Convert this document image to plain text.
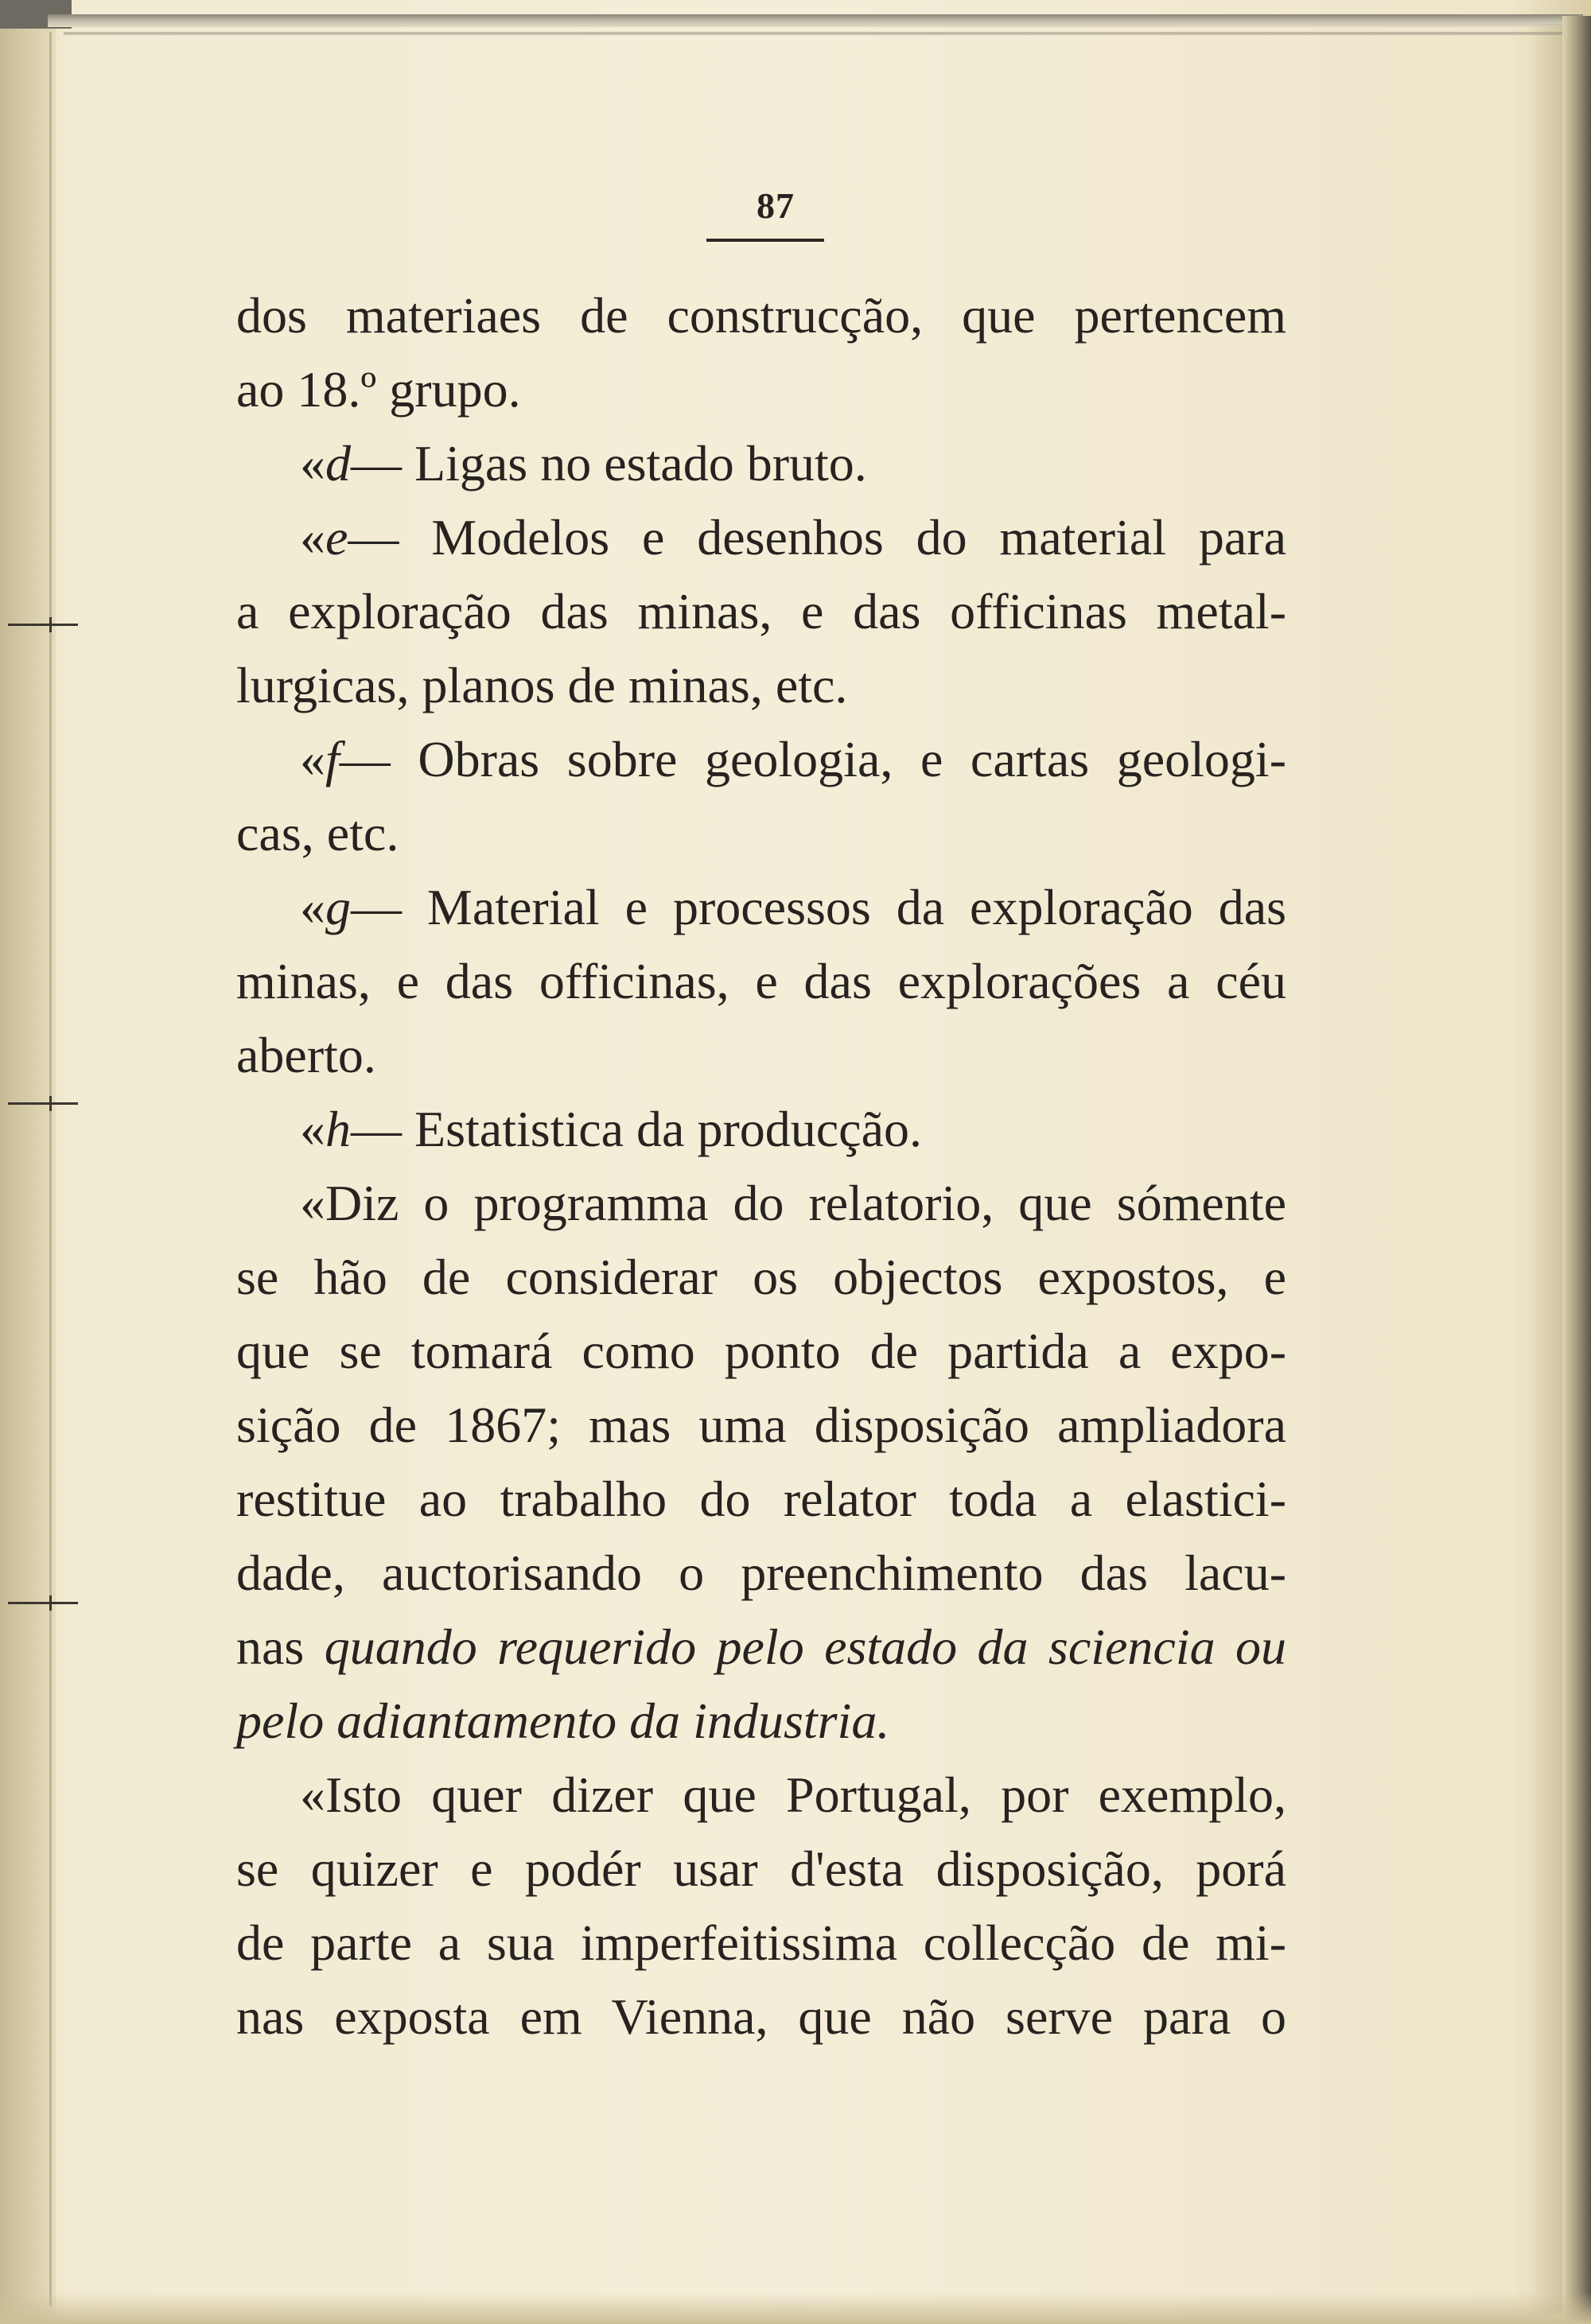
87

dos materiaes de construcção, que pertencem
ao 18.º grupo.

«d— Ligas no estado bruto.

«e— Modelos e desenhos do material para
a exploração das minas, e das officinas metal-
lurgicas, planos de minas, etc.

«f— Obras sobre geologia, e cartas geologi-
cas, etc.

«g— Material e processos da exploração das
minas, e das officinas, e das explorações a céu
aberto.

«h— Estatistica da producção.

«Diz o programma do relatorio, que sómente
se hão de considerar os objectos expostos, e
que se tomará como ponto de partida a expo-
sição de 1867; mas uma disposição ampliadora
restitue ao trabalho do relator toda a elastici-
dade, auctorisando o preenchimento das lacu-
nas quando requerido pelo estado da sciencia ou
pelo adiantamento da industria.

«Isto quer dizer que Portugal, por exemplo,
se quizer e podér usar d'esta disposição, porá
de parte a sua imperfeitissima collecção de mi-
nas exposta em Vienna, que não serve para o
